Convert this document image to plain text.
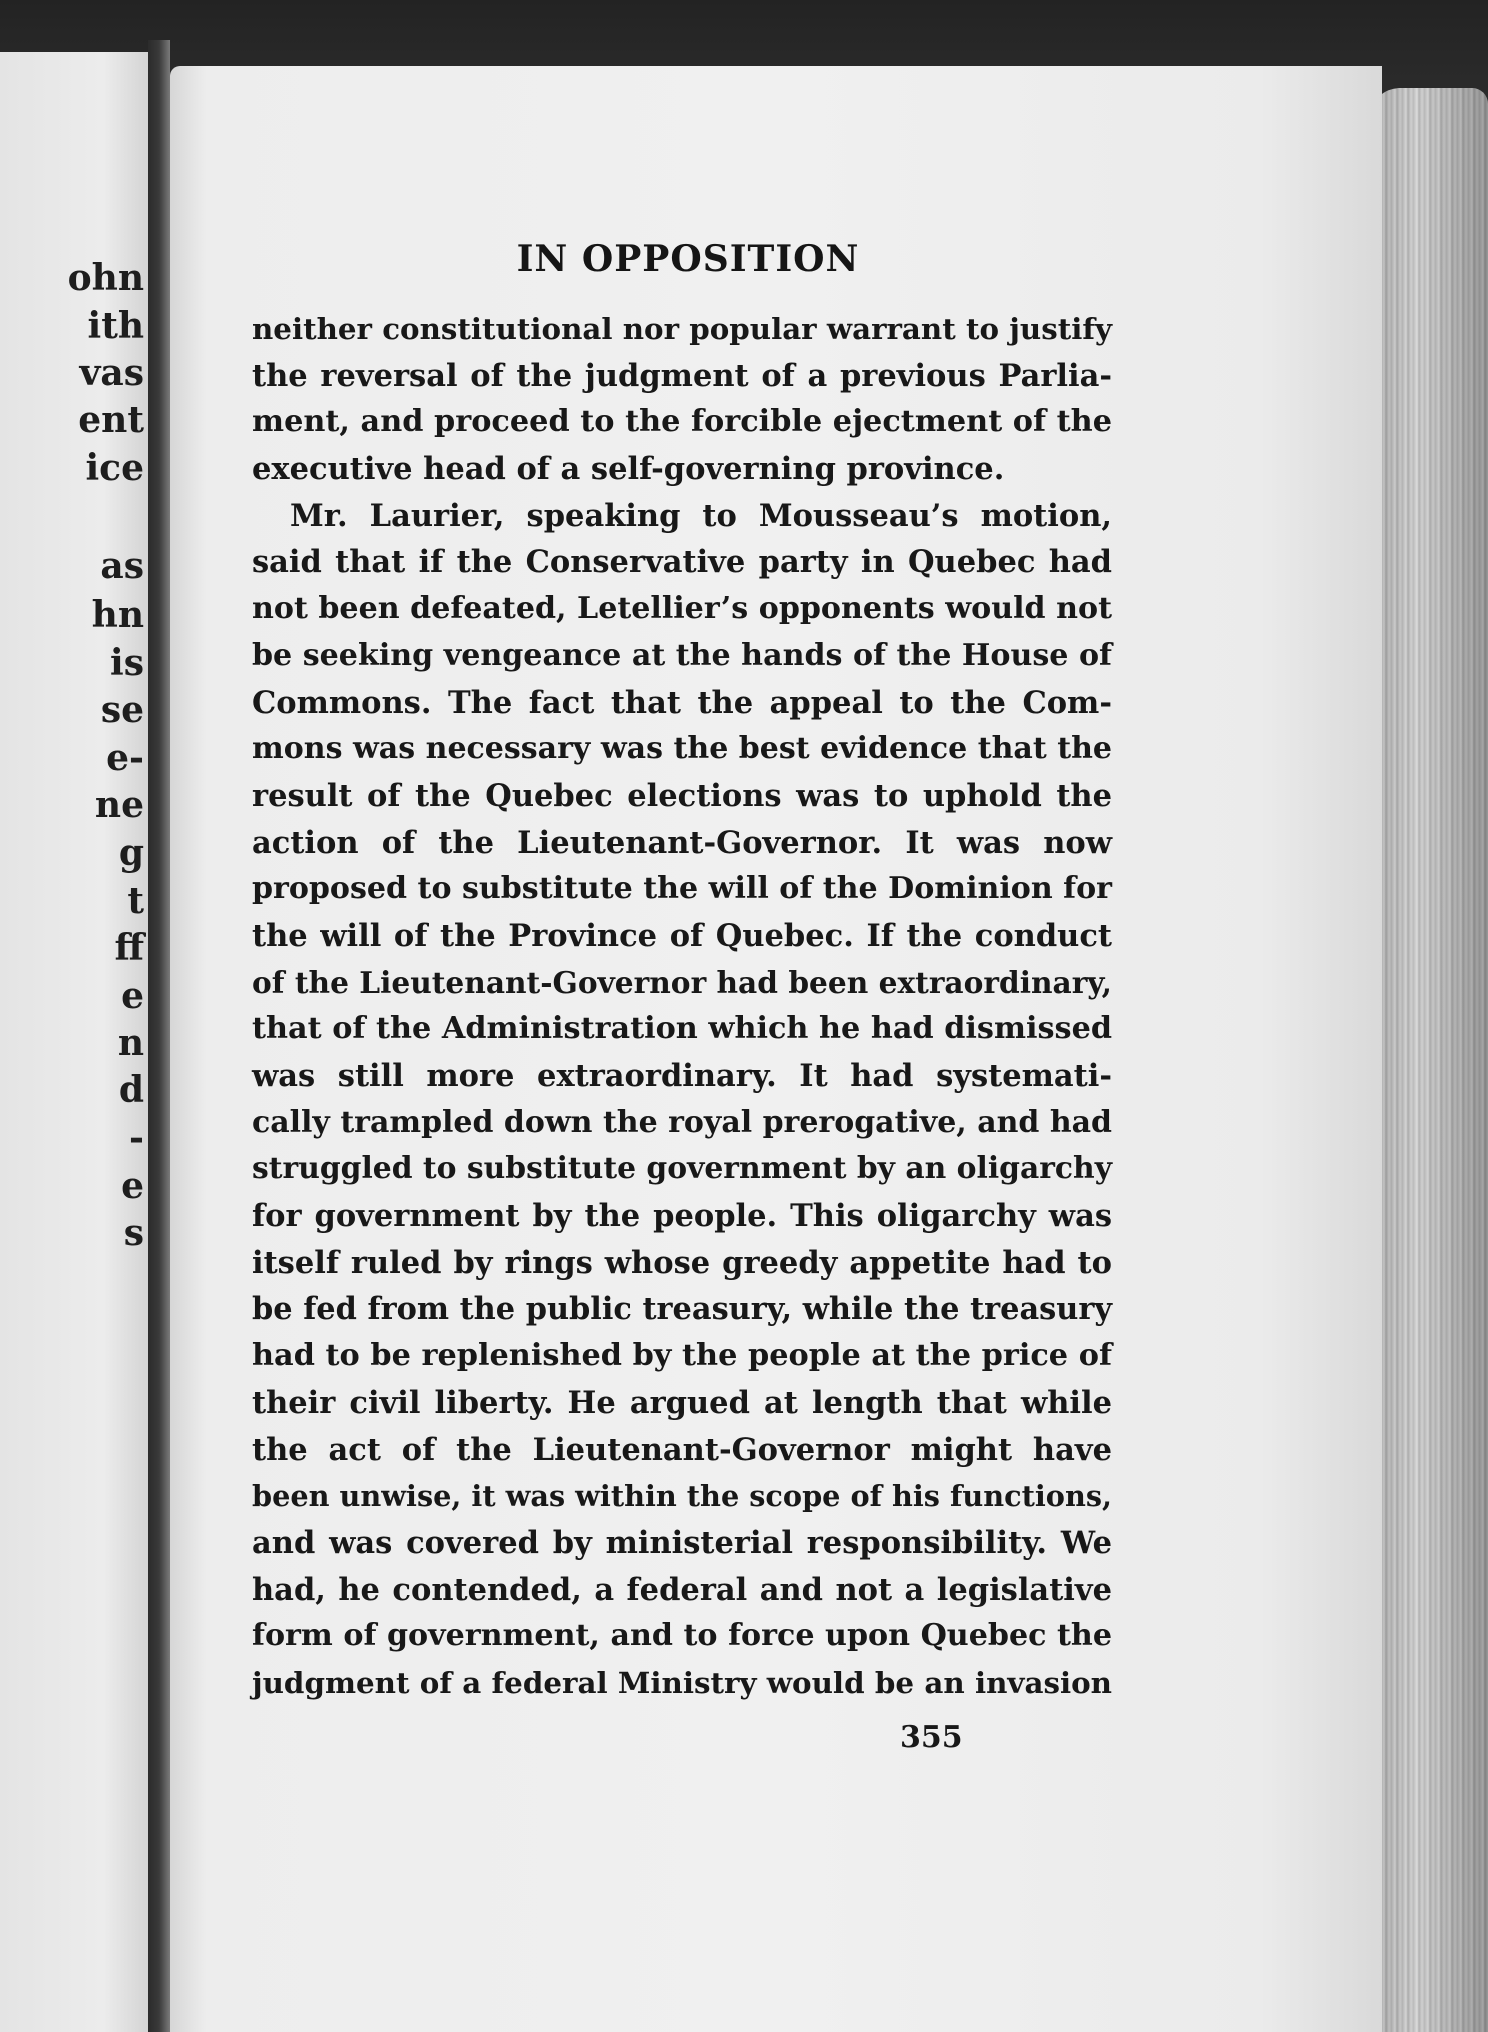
ohn
ith
vas
ent
ice
as
hn
is
se
e-
ne
g
t
ff
e
n
d
-
e
s
IN OPPOSITION
neither constitutional nor popular warrant to justify
the reversal of the judgment of a previous Parlia-
ment, and proceed to the forcible ejectment of the
executive head of a self-governing province.
Mr. Laurier, speaking to Mousseau’s motion,
said that if the Conservative party in Quebec had
not been defeated, Letellier’s opponents would not
be seeking vengeance at the hands of the House of
Commons. The fact that the appeal to the Com-
mons was necessary was the best evidence that the
result of the Quebec elections was to uphold the
action of the Lieutenant-Governor. It was now
proposed to substitute the will of the Dominion for
the will of the Province of Quebec. If the conduct
of the Lieutenant-Governor had been extraordinary,
that of the Administration which he had dismissed
was still more extraordinary. It had systemati-
cally trampled down the royal prerogative, and had
struggled to substitute government by an oligarchy
for government by the people. This oligarchy was
itself ruled by rings whose greedy appetite had to
be fed from the public treasury, while the treasury
had to be replenished by the people at the price of
their civil liberty. He argued at length that while
the act of the Lieutenant-Governor might have
been unwise, it was within the scope of his functions,
and was covered by ministerial responsibility. We
had, he contended, a federal and not a legislative
form of government, and to force upon Quebec the
judgment of a federal Ministry would be an invasion
355
